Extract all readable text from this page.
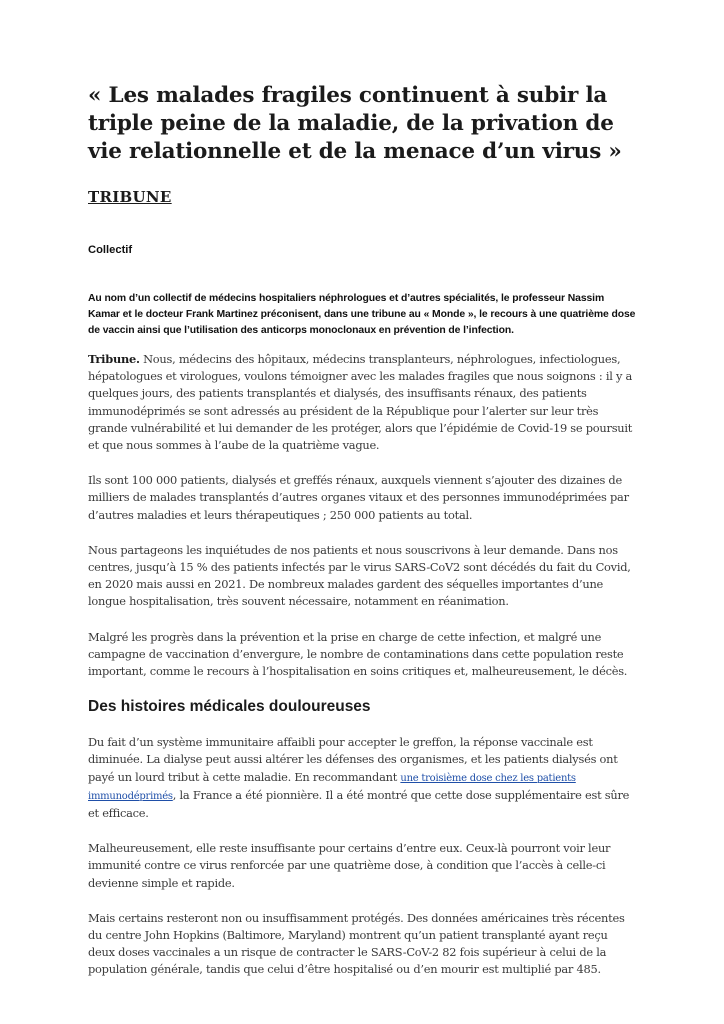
« Les malades fragiles continuent à subir la triple peine de la maladie, de la privation de vie relationnelle et de la menace d’un virus »
TRIBUNE
Collectif
Au nom d’un collectif de médecins hospitaliers néphrologues et d’autres spécialités, le professeur Nassim Kamar et le docteur Frank Martinez préconisent, dans une tribune au « Monde », le recours à une quatrième dose de vaccin ainsi que l’utilisation des anticorps monoclonaux en prévention de l’infection.

Tribune. Nous, médecins des hôpitaux, médecins transplanteurs, néphrologues, infectiologues, hépatologues et virologues, voulons témoigner avec les malades fragiles que nous soignons : il y a quelques jours, des patients transplantés et dialysés, des insuffisants rénaux, des patients immunodéprimés se sont adressés au président de la République pour l’alerter sur leur très grande vulnérabilité et lui demander de les protéger, alors que l’épidémie de Covid-19 se poursuit et que nous sommes à l’aube de la quatrième vague.

Ils sont 100 000 patients, dialysés et greffés rénaux, auxquels viennent s’ajouter des dizaines de milliers de malades transplantés d’autres organes vitaux et des personnes immunodéprimées par d’autres maladies et leurs thérapeutiques ; 250 000 patients au total.

Nous partageons les inquiétudes de nos patients et nous souscrivons à leur demande. Dans nos centres, jusqu’à 15 % des patients infectés par le virus SARS-CoV2 sont décédés du fait du Covid, en 2020 mais aussi en 2021. De nombreux malades gardent des séquelles importantes d’une longue hospitalisation, très souvent nécessaire, notamment en réanimation.

Malgré les progrès dans la prévention et la prise en charge de cette infection, et malgré une campagne de vaccination d’envergure, le nombre de contaminations dans cette population reste important, comme le recours à l’hospitalisation en soins critiques et, malheureusement, le décès.

Des histoires médicales douloureuses

Du fait d’un système immunitaire affaibli pour accepter le greffon, la réponse vaccinale est diminuée. La dialyse peut aussi altérer les défenses des organismes, et les patients dialysés ont payé un lourd tribut à cette maladie. En recommandant une troisième dose chez les patients immunodéprimés, la France a été pionnière. Il a été montré que cette dose supplémentaire est sûre et efficace.

Malheureusement, elle reste insuffisante pour certains d’entre eux. Ceux-là pourront voir leur immunité contre ce virus renforcée par une quatrième dose, à condition que l’accès à celle-ci devienne simple et rapide.

Mais certains resteront non ou insuffisamment protégés. Des données américaines très récentes du centre John Hopkins (Baltimore, Maryland) montrent qu’un patient transplanté ayant reçu deux doses vaccinales a un risque de contracter le SARS-CoV-2 82 fois supérieur à celui de la population générale, tandis que celui d’être hospitalisé ou d’en mourir est multiplié par 485.
